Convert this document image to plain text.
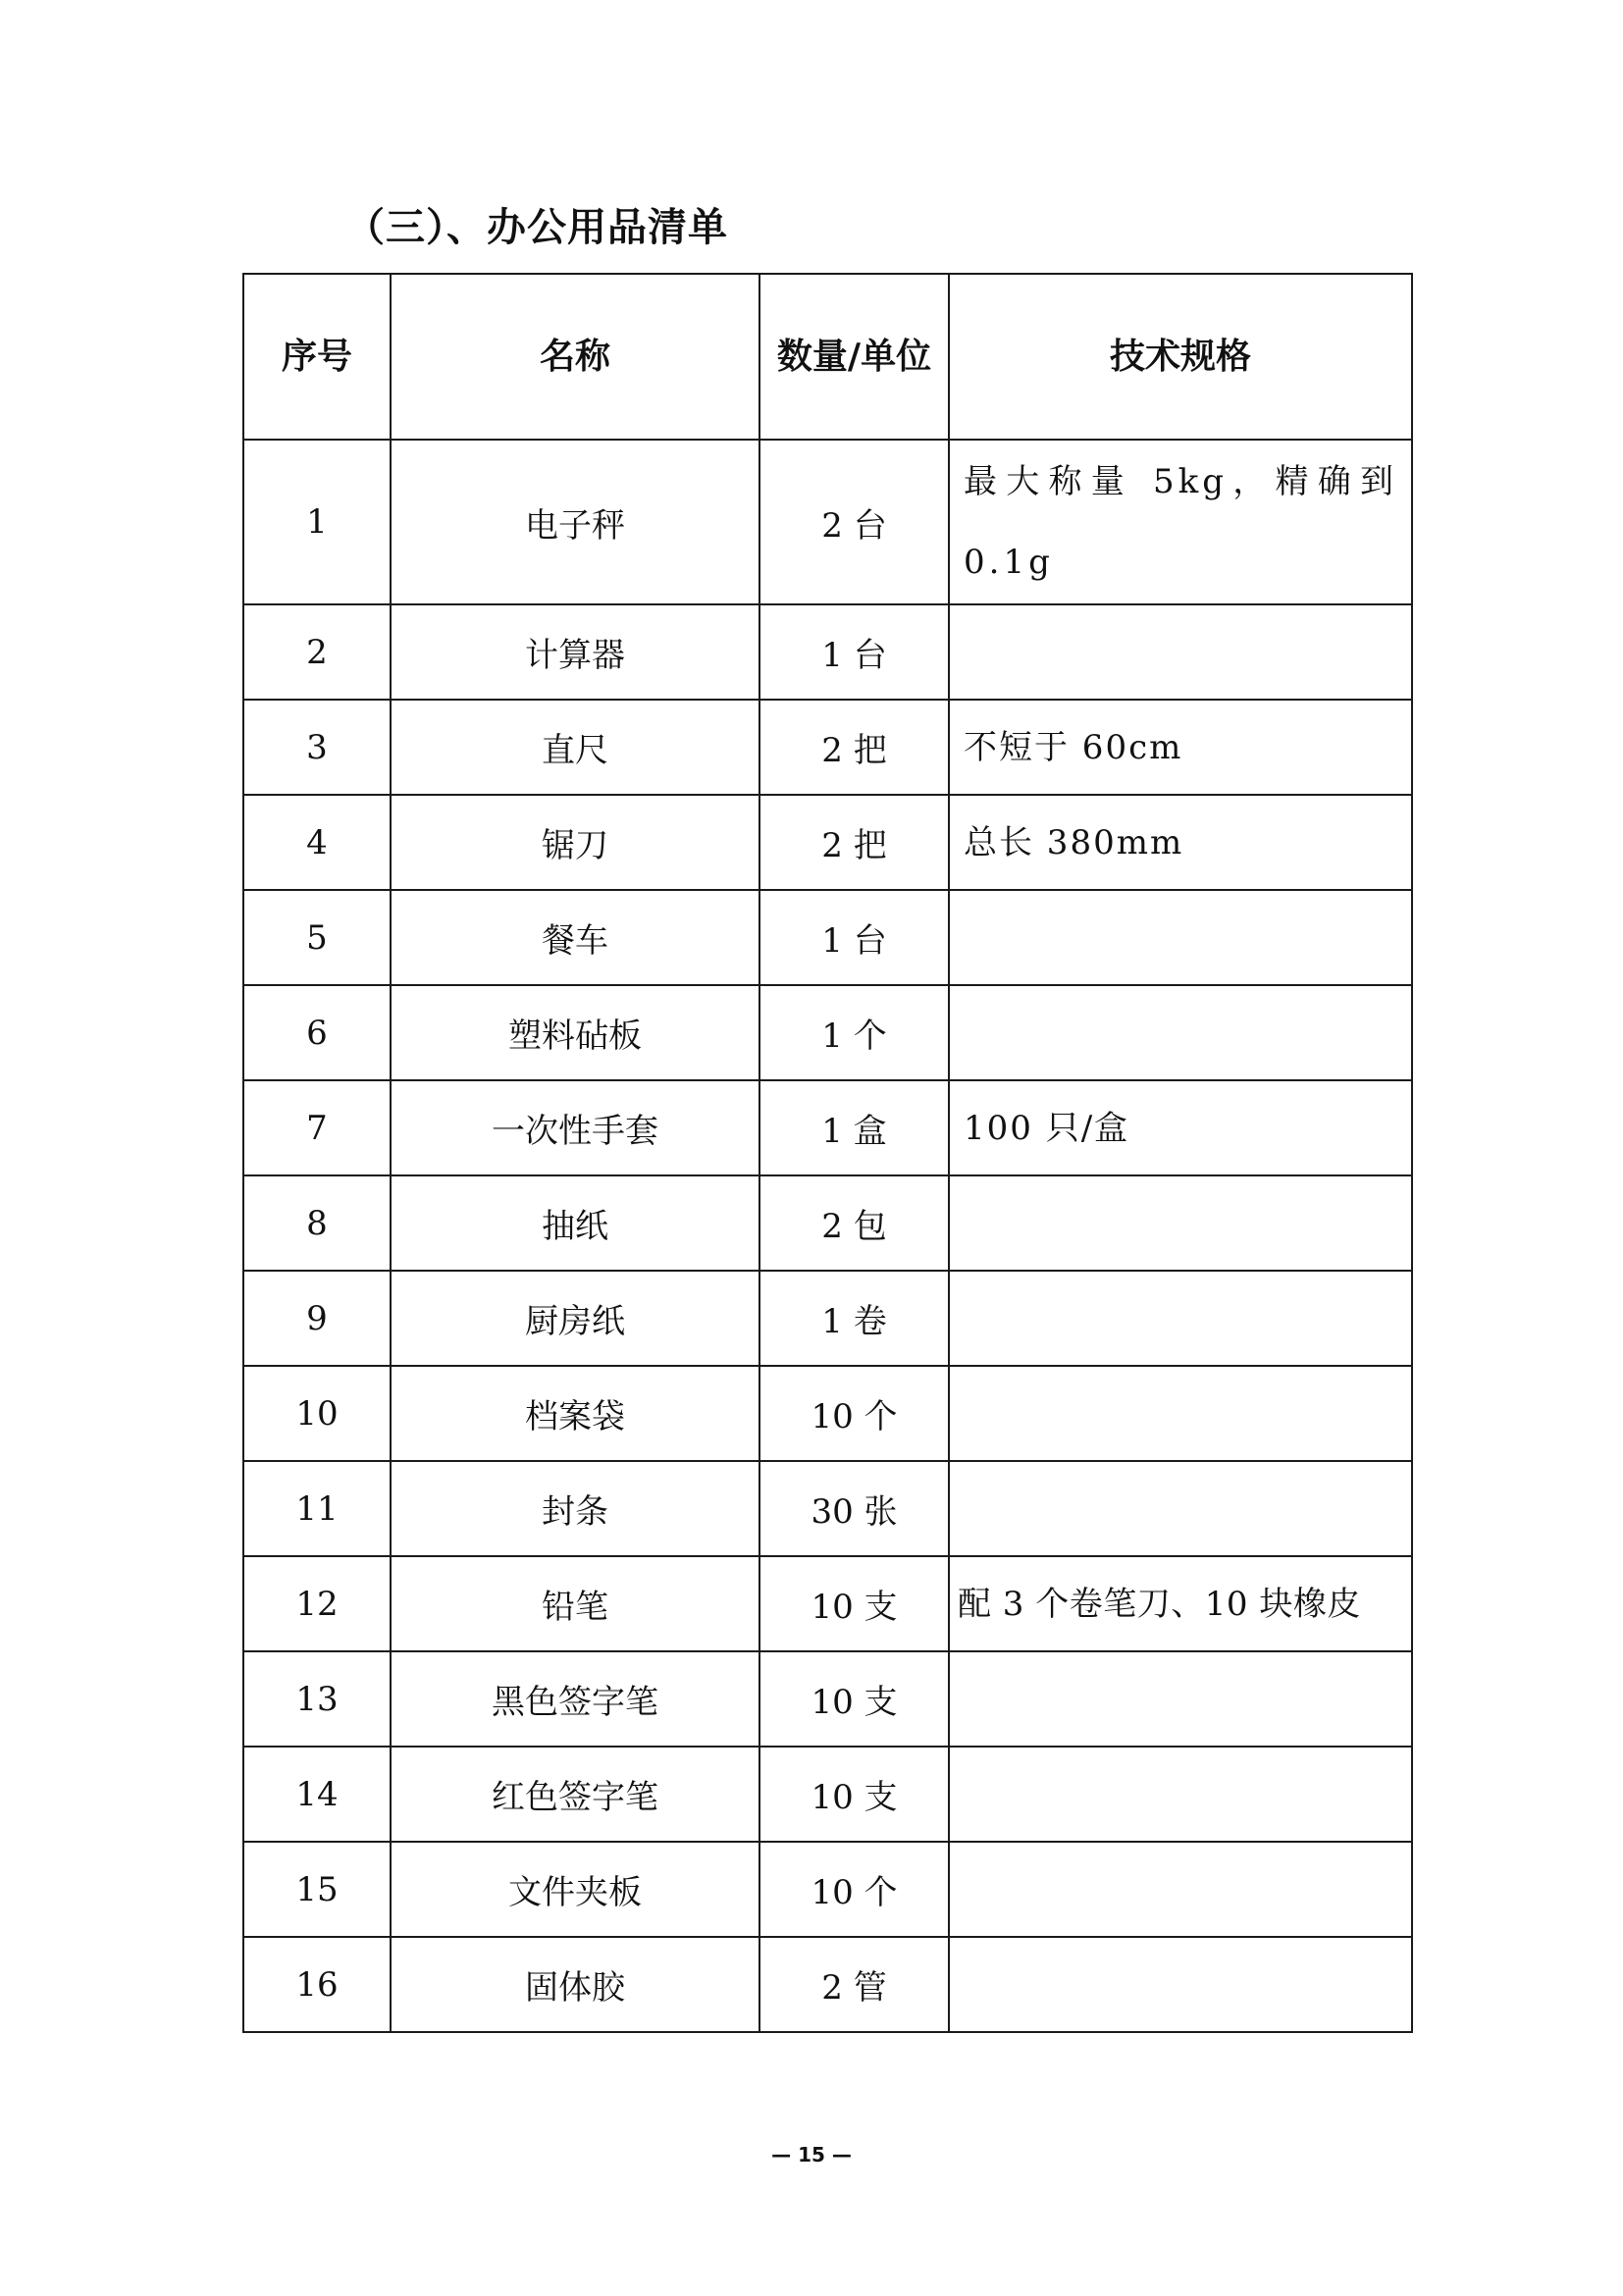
（三）、办公用品清单
序号	名称	数量/单位	技术规格
1	电子秤	2 台	最大称量 5kg，精确到 0.1g
2	计算器	1 台	
3	直尺	2 把	不短于 60cm
4	锯刀	2 把	总长 380mm
5	餐车	1 台	
6	塑料砧板	1 个	
7	一次性手套	1 盒	100 只/盒
8	抽纸	2 包	
9	厨房纸	1 卷	
10	档案袋	10 个	
11	封条	30 张	
12	铅笔	10 支	配 3 个卷笔刀、10 块橡皮
13	黑色签字笔	10 支	
14	红色签字笔	10 支	
15	文件夹板	10 个	
16	固体胶	2 管	
— 15 —
